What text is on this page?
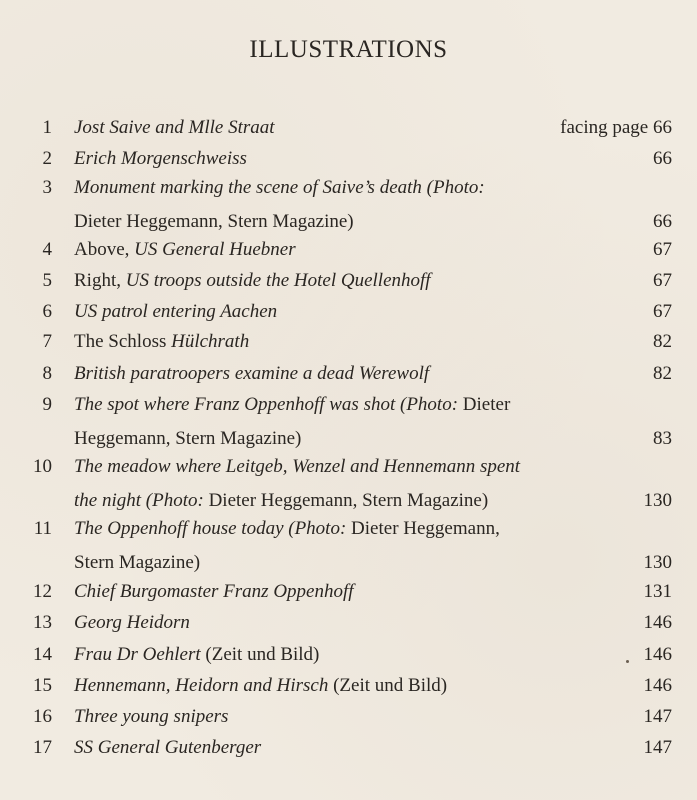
ILLUSTRATIONS
1 Jost Saive and Mlle Straat	facing page 66
2 Erich Morgenschweiss	66
3 Monument marking the scene of Saive’s death (Photo:
Dieter Heggemann, Stern Magazine)	66
4 Above, US General Huebner	67
5 Right, US troops outside the Hotel Quellenhoff	67
6 US patrol entering Aachen	67
7 The Schloss Hülchrath	82
8 British paratroopers examine a dead Werewolf	82
9 The spot where Franz Oppenhoff was shot (Photo: Dieter
Heggemann, Stern Magazine)	83
10 The meadow where Leitgeb, Wenzel and Hennemann spent
the night (Photo: Dieter Heggemann, Stern Magazine)	130
11 The Oppenhoff house today (Photo: Dieter Heggemann,
Stern Magazine)	130
12 Chief Burgomaster Franz Oppenhoff	131
13 Georg Heidorn	146
14 Frau Dr Oehlert (Zeit und Bild)	146
15 Hennemann, Heidorn and Hirsch (Zeit und Bild)	146
16 Three young snipers	147
17 SS General Gutenberger	147
